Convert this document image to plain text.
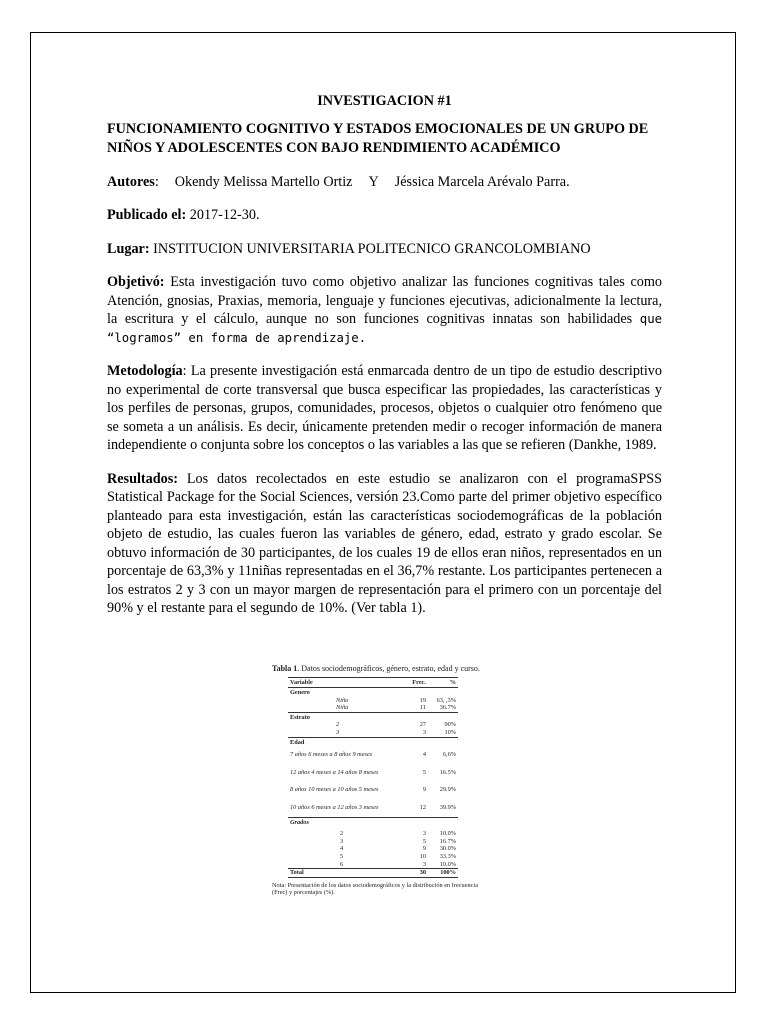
INVESTIGACION #1

FUNCIONAMIENTO COGNITIVO Y ESTADOS EMOCIONALES DE UN GRUPO DE NIÑOS Y ADOLESCENTES CON BAJO RENDIMIENTO ACADÉMICO

Autores: Okendy Melissa Martello Ortiz Y Jéssica Marcela Arévalo Parra.

Publicado el: 2017-12-30.

Lugar: INSTITUCION UNIVERSITARIA POLITECNICO GRANCOLOMBIANO

Objetivó: Esta investigación tuvo como objetivo analizar las funciones cognitivas tales como Atención, gnosias, Praxias, memoria, lenguaje y funciones ejecutivas, adicionalmente la lectura, la escritura y el cálculo, aunque no son funciones cognitivas innatas son habilidades que “logramos” en forma de aprendizaje.

Metodología: La presente investigación está enmarcada dentro de un tipo de estudio descriptivo no experimental de corte transversal que busca especificar las propiedades, las características y los perfiles de personas, grupos, comunidades, procesos, objetos o cualquier otro fenómeno que se someta a un análisis. Es decir, únicamente pretenden medir o recoger información de manera independiente o conjunta sobre los conceptos o las variables a las que se refieren (Dankhe, 1989.

Resultados: Los datos recolectados en este estudio se analizaron con el programaSPSS Statistical Package for the Social Sciences, versión 23.Como parte del primer objetivo específico planteado para esta investigación, están las características sociodemográficas de la población objeto de estudio, las cuales fueron las variables de género, edad, estrato y grado escolar. Se obtuvo información de 30 participantes, de los cuales 19 de ellos eran niños, representados en un porcentaje de 63,3% y 11niñas representadas en el 36,7% restante. Los participantes pertenecen a los estratos 2 y 3 con un mayor margen de representación para el primero con un porcentaje del 90% y el restante para el segundo de 10%. (Ver tabla 1).

Tabla 1. Datos sociodemográficos, género, estrato, edad y curso.

Variable	Frec.	%
Genero		
Niño	19	63, ,3%
Niña	11	36.7%
Estrato		
2	27	90%
3	3	10%
Edad		
7 años 6 meses a 8 años 9 meses	4	6,6%
12 años 4 meses a 14 años 8 meses	5	16.5%
8 años 10 meses a 10 años 5 meses	9	29.9%
10 años 6 meses a 12 años 3 meses	12	39.9%
Grados		

2	3	10.0%
3	5	16.7%
4	9	30.0%
5	10	33.3%
6	3	10.0%
Total	30	100%

Nota: Presentación de los datos sociodemográficos y la distribución en frecuencia (Frec) y porcentajes (%).
